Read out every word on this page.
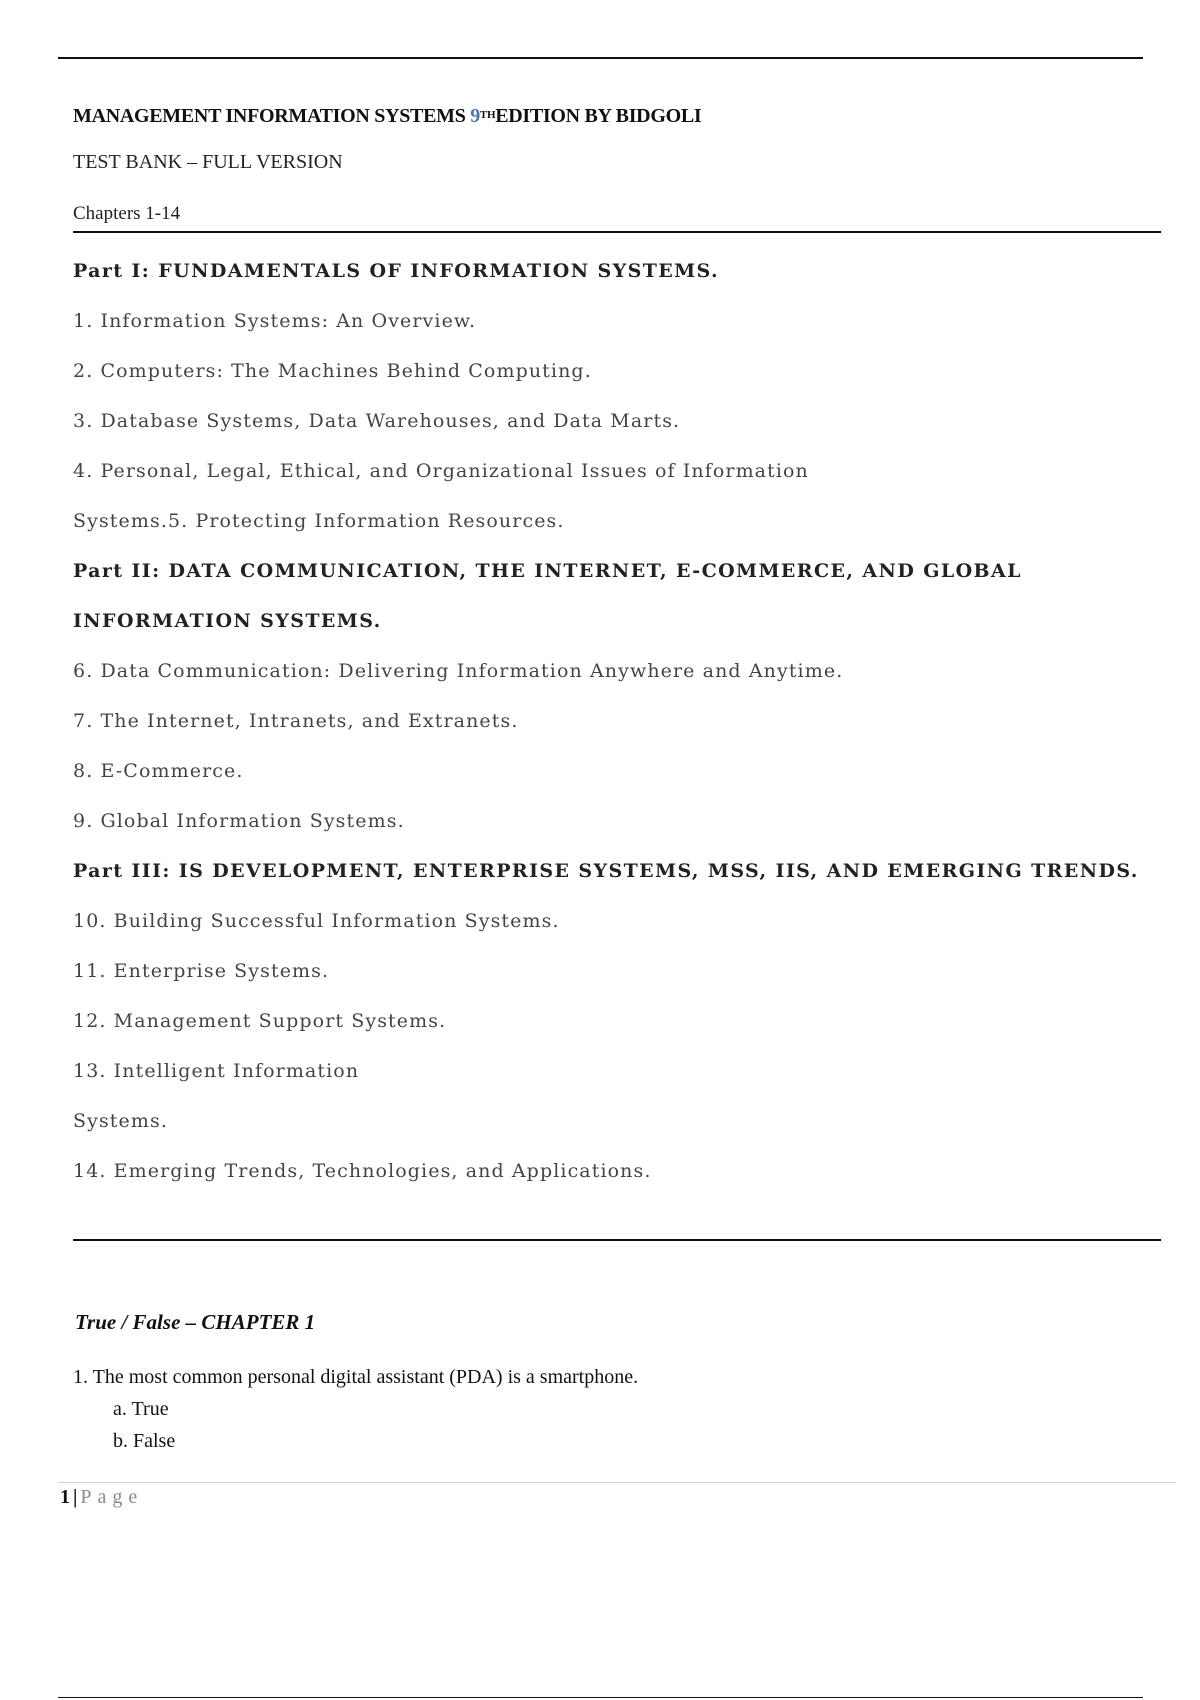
MANAGEMENT INFORMATION SYSTEMS 9THEDITION BY BIDGOLI
TEST BANK – FULL VERSION
Chapters 1-14
Part I: FUNDAMENTALS OF INFORMATION SYSTEMS.
1. Information Systems: An Overview.
2. Computers: The Machines Behind Computing.
3. Database Systems, Data Warehouses, and Data Marts.
4. Personal, Legal, Ethical, and Organizational Issues of Information
Systems.5. Protecting Information Resources.
Part II: DATA COMMUNICATION, THE INTERNET, E-COMMERCE, AND GLOBAL
INFORMATION SYSTEMS.
6. Data Communication: Delivering Information Anywhere and Anytime.
7. The Internet, Intranets, and Extranets.
8. E-Commerce.
9. Global Information Systems.
Part III: IS DEVELOPMENT, ENTERPRISE SYSTEMS, MSS, IIS, AND EMERGING TRENDS.
10. Building Successful Information Systems.
11. Enterprise Systems.
12. Management Support Systems.
13. Intelligent Information
Systems.
14. Emerging Trends, Technologies, and Applications.
True / False – CHAPTER 1
1. The most common personal digital assistant (PDA) is a smartphone.
a. True
b. False
1 | Page
